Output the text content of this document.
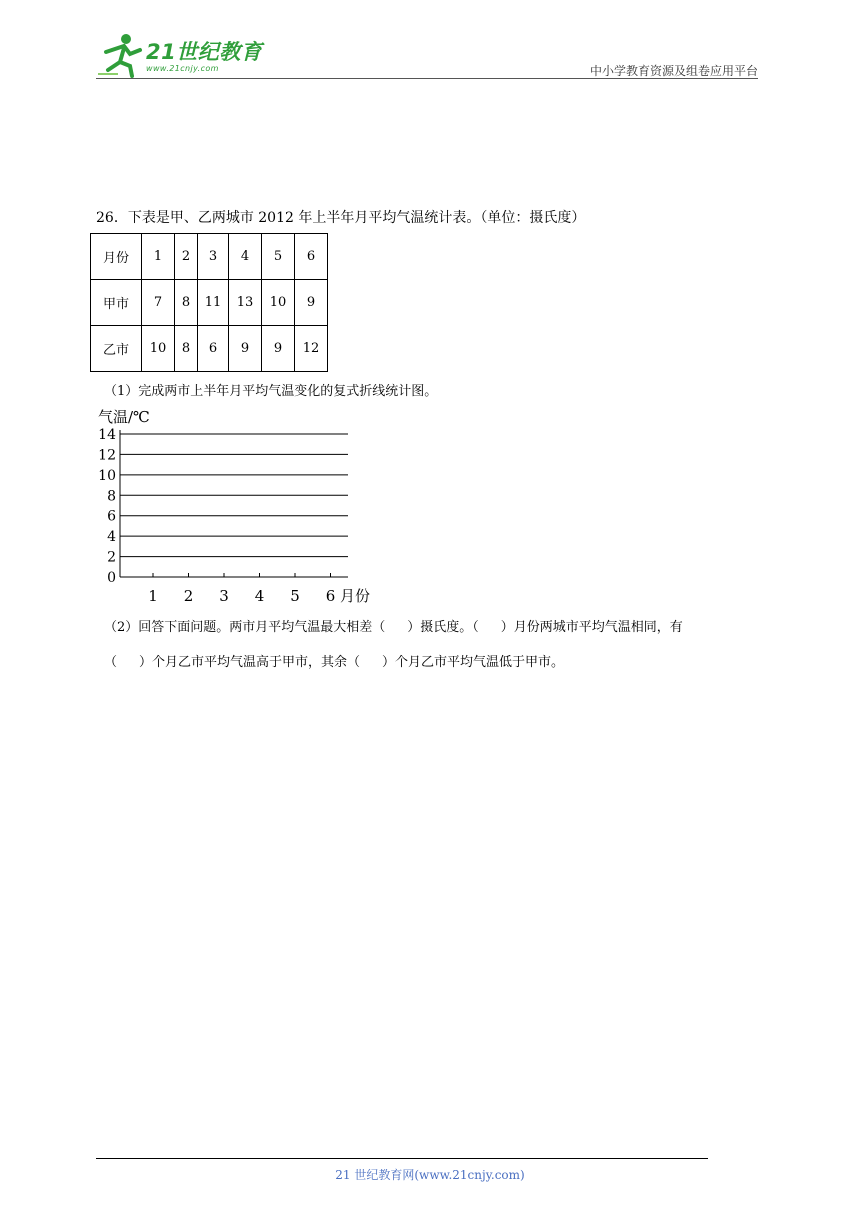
21世纪教育
www.21cnjy.com	中小学教育资源及组卷应用平台
26．下表是甲、乙两城市 2012 年上半年月平均气温统计表。（单位：摄氏度）
月份	1	2	3	4	5	6
甲市	7	8	11	13	10	9
乙市	10	8	6	9	9	12
（1）完成两市上半年月平均气温变化的复式折线统计图。
气温/℃
0
2
4
6
8
10
12
14
1 2 3 4 5 6 月份
（2）回答下面问题。两市月平均气温最大相差（ ）摄氏度。（ ）月份两城市平均气温相同，有
（ ）个月乙市平均气温高于甲市，其余（ ）个月乙市平均气温低于甲市。
21 世纪教育网(www.21cnjy.com)
